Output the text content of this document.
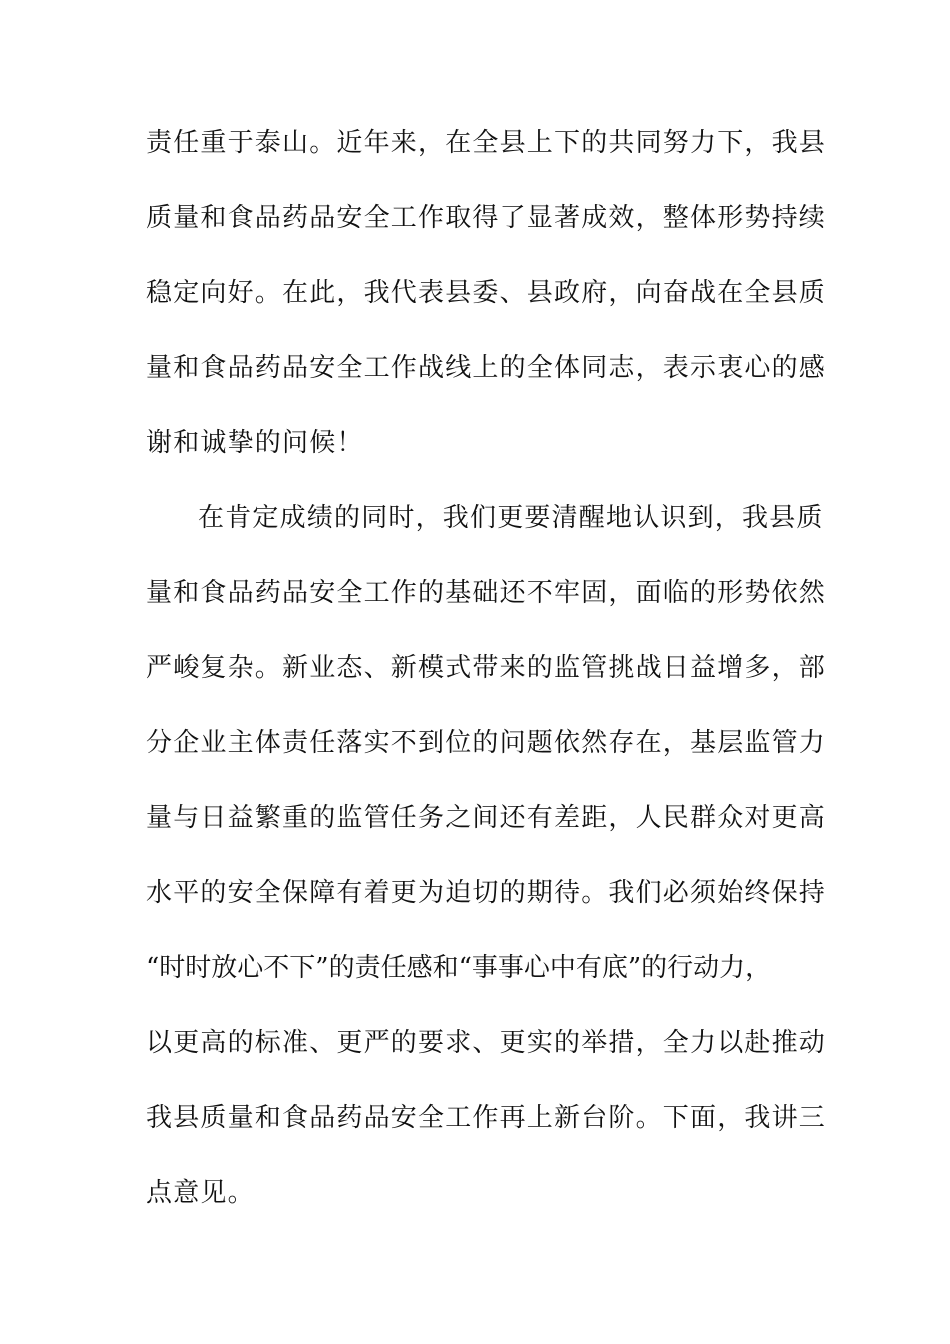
责任重于泰山。近年来，在全县上下的共同努力下，我县
质量和食品药品安全工作取得了显著成效，整体形势持续
稳定向好。在此，我代表县委、县政府，向奋战在全县质
量和食品药品安全工作战线上的全体同志，表示衷心的感
谢和诚挚的问候！
在肯定成绩的同时，我们更要清醒地认识到，我县质
量和食品药品安全工作的基础还不牢固，面临的形势依然
严峻复杂。新业态、新模式带来的监管挑战日益增多，部
分企业主体责任落实不到位的问题依然存在，基层监管力
量与日益繁重的监管任务之间还有差距，人民群众对更高
水平的安全保障有着更为迫切的期待。我们必须始终保持
“时时放心不下”的责任感和“事事心中有底”的行动力，
以更高的标准、更严的要求、更实的举措，全力以赴推动
我县质量和食品药品安全工作再上新台阶。下面，我讲三
点意见。
